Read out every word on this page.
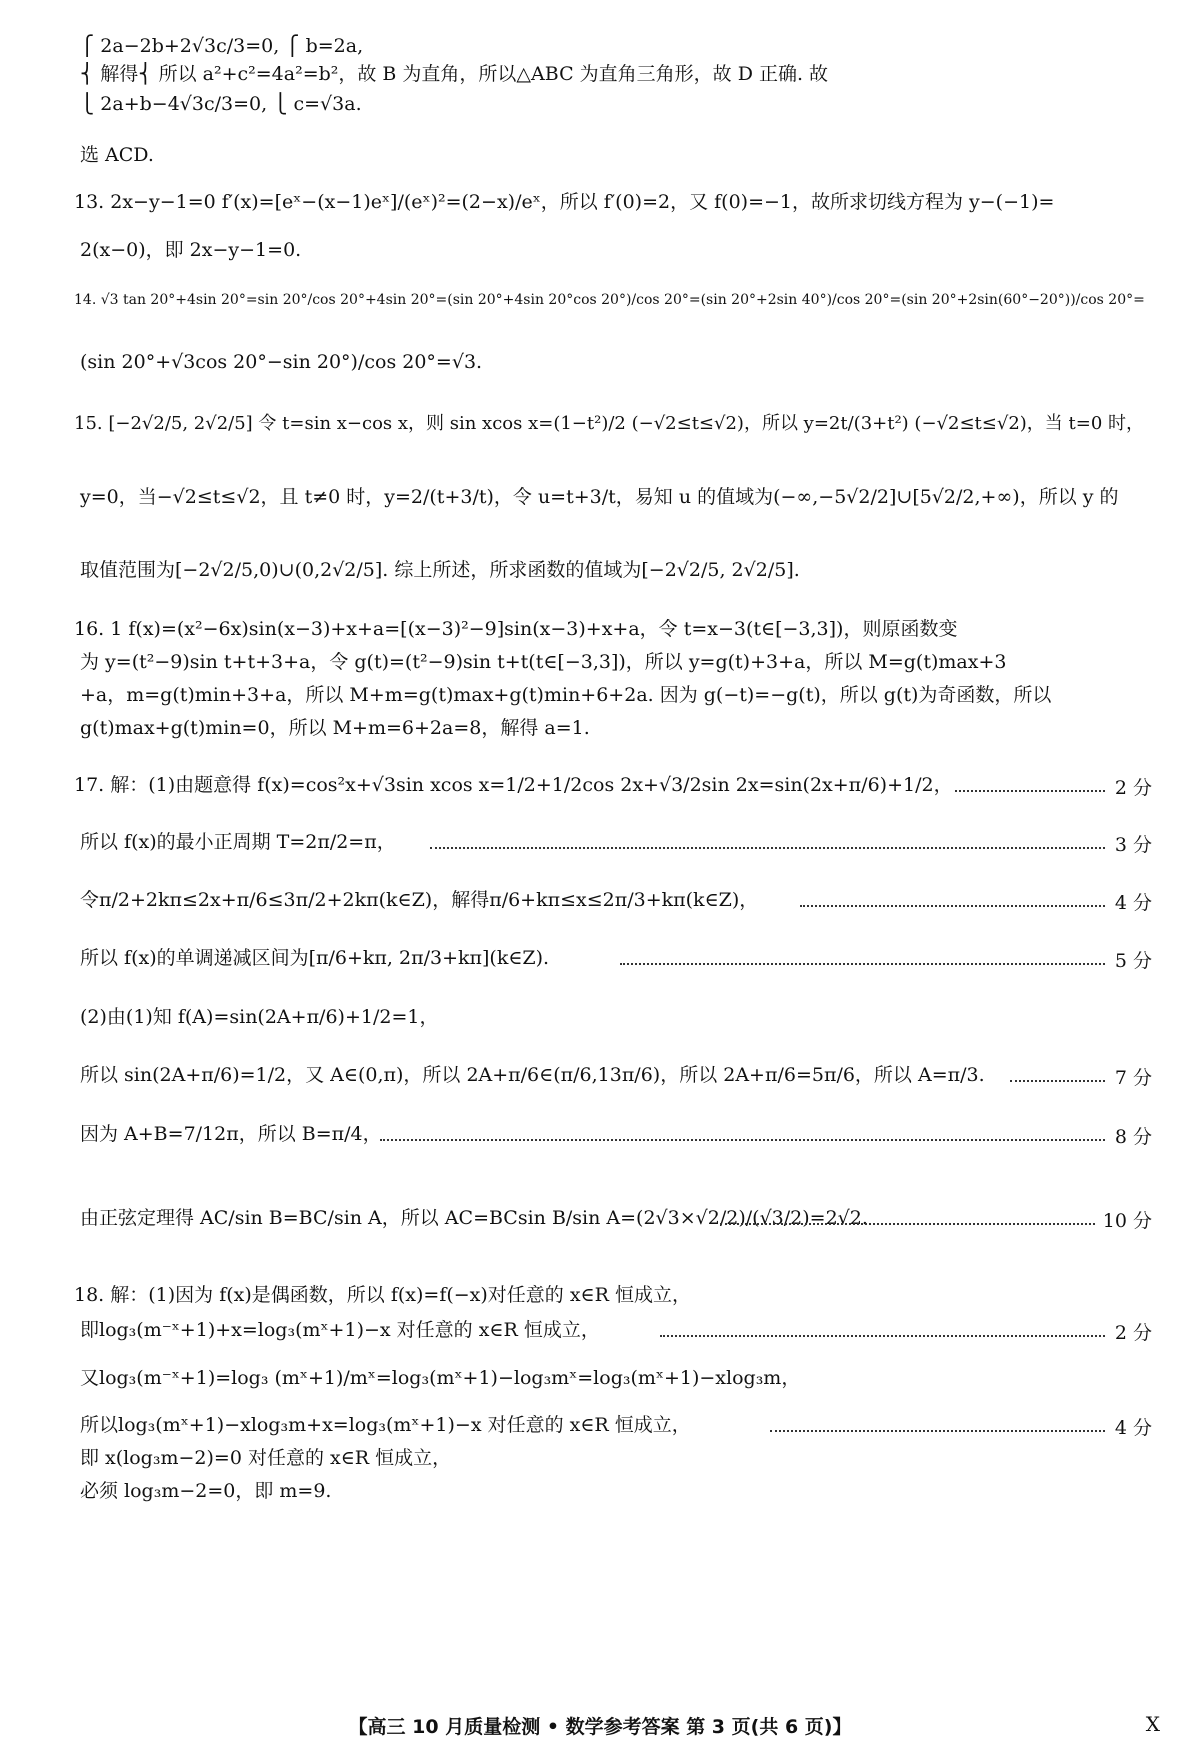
⎧ 2a−2b+2√3c/3=0, ⎧ b=2a,
⎨ 解得⎨ 所以 a²+c²=4a²=b²，故 B 为直角，所以△ABC 为直角三角形，故 D 正确. 故
⎩ 2a+b−4√3c/3=0, ⎩ c=√3a.
选 ACD.
13. 2x−y−1=0 f′(x)=[eˣ−(x−1)eˣ]/(eˣ)²=(2−x)/eˣ，所以 f′(0)=2，又 f(0)=−1，故所求切线方程为 y−(−1)=
2(x−0)，即 2x−y−1=0.
14. √3 tan 20°+4sin 20°=sin 20°/cos 20°+4sin 20°=(sin 20°+4sin 20°cos 20°)/cos 20°=(sin 20°+2sin 40°)/cos 20°=(sin 20°+2sin(60°−20°))/cos 20°=
(sin 20°+√3cos 20°−sin 20°)/cos 20°=√3.
15. [−2√2/5, 2√2/5] 令 t=sin x−cos x，则 sin xcos x=(1−t²)/2 (−√2≤t≤√2)，所以 y=2t/(3+t²) (−√2≤t≤√2)，当 t=0 时，
y=0，当−√2≤t≤√2，且 t≠0 时，y=2/(t+3/t)，令 u=t+3/t，易知 u 的值域为(−∞,−5√2/2]∪[5√2/2,+∞)，所以 y 的
取值范围为[−2√2/5,0)∪(0,2√2/5]. 综上所述，所求函数的值域为[−2√2/5, 2√2/5].
16. 1 f(x)=(x²−6x)sin(x−3)+x+a=[(x−3)²−9]sin(x−3)+x+a，令 t=x−3(t∈[−3,3])，则原函数变
为 y=(t²−9)sin t+t+3+a，令 g(t)=(t²−9)sin t+t(t∈[−3,3])，所以 y=g(t)+3+a，所以 M=g(t)max+3
+a，m=g(t)min+3+a，所以 M+m=g(t)max+g(t)min+6+2a. 因为 g(−t)=−g(t)，所以 g(t)为奇函数，所以
g(t)max+g(t)min=0，所以 M+m=6+2a=8，解得 a=1.
17. 解：(1)由题意得 f(x)=cos²x+√3sin xcos x=1/2+1/2cos 2x+√3/2sin 2x=sin(2x+π/6)+1/2，	2 分
所以 f(x)的最小正周期 T=2π/2=π，	3 分
令π/2+2kπ≤2x+π/6≤3π/2+2kπ(k∈Z)，解得π/6+kπ≤x≤2π/3+kπ(k∈Z)，	4 分
所以 f(x)的单调递减区间为[π/6+kπ, 2π/3+kπ](k∈Z).	5 分
(2)由(1)知 f(A)=sin(2A+π/6)+1/2=1，
所以 sin(2A+π/6)=1/2，又 A∈(0,π)，所以 2A+π/6∈(π/6,13π/6)，所以 2A+π/6=5π/6，所以 A=π/3.	7 分
因为 A+B=7/12π，所以 B=π/4，	8 分
由正弦定理得 AC/sin B=BC/sin A，所以 AC=BCsin B/sin A=(2√3×√2/2)/(√3/2)=2√2.	10 分
18. 解：(1)因为 f(x)是偶函数，所以 f(x)=f(−x)对任意的 x∈R 恒成立，
即log₃(m⁻ˣ+1)+x=log₃(mˣ+1)−x 对任意的 x∈R 恒成立，	2 分
又log₃(m⁻ˣ+1)=log₃ (mˣ+1)/mˣ=log₃(mˣ+1)−log₃mˣ=log₃(mˣ+1)−xlog₃m，
所以log₃(mˣ+1)−xlog₃m+x=log₃(mˣ+1)−x 对任意的 x∈R 恒成立，	4 分
即 x(log₃m−2)=0 对任意的 x∈R 恒成立，
必须 log₃m−2=0，即 m=9.
【高三 10 月质量检测 • 数学参考答案 第 3 页(共 6 页)】	X
